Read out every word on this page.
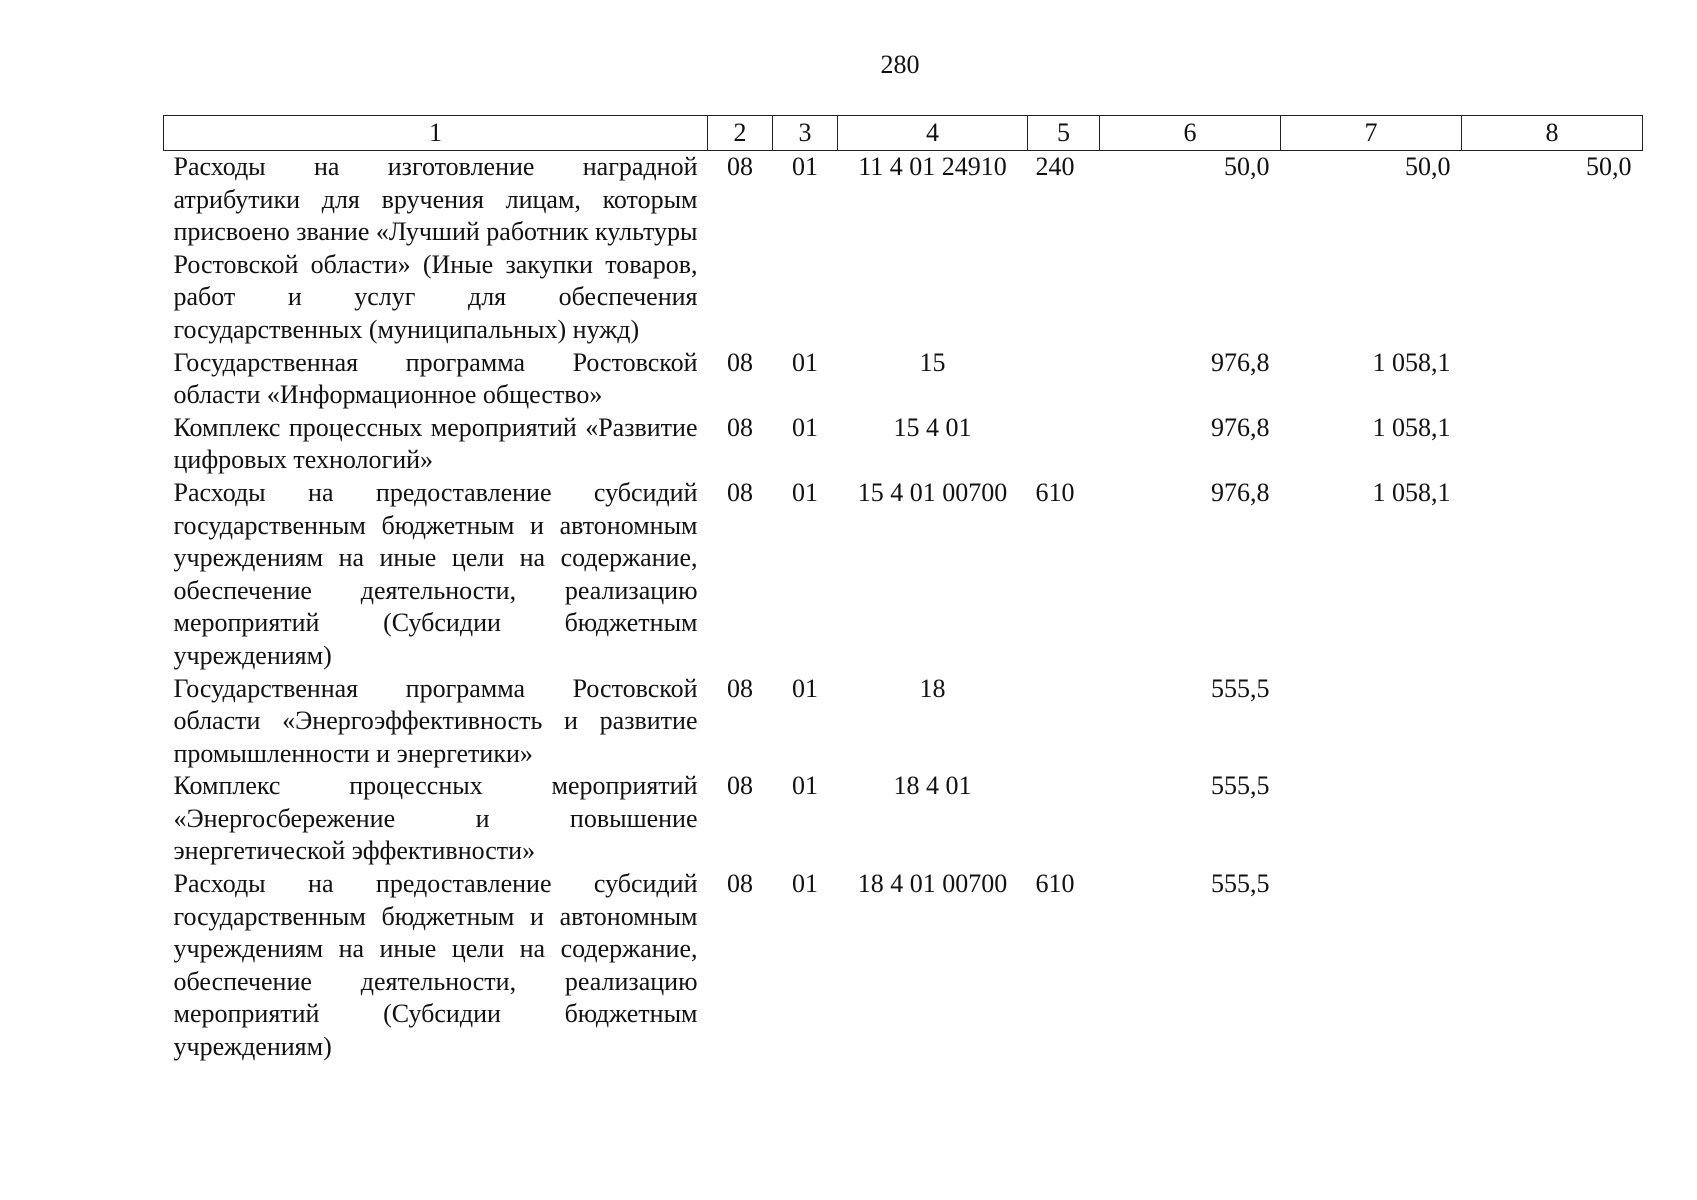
280
1	2	3	4	5	6	7	8
Расходы на изготовление наградной атрибутики для вручения лицам, которым присвоено звание «Лучший работник культуры Ростовской области» (Иные закупки товаров, работ и услуг для обеспечения государственных (муниципальных) нужд)	08	01	11 4 01 24910	240	50,0	50,0	50,0
Государственная программа Ростовской области «Информационное общество»	08	01	15		976,8	1 058,1	
Комплекс процессных мероприятий «Развитие цифровых технологий»	08	01	15 4 01		976,8	1 058,1	
Расходы на предоставление субсидий государственным бюджетным и автономным учреждениям на иные цели на содержание, обеспечение деятельности, реализацию мероприятий (Субсидии бюджетным учреждениям)	08	01	15 4 01 00700	610	976,8	1 058,1	
Государственная программа Ростовской области «Энергоэффективность и развитие промышленности и энергетики»	08	01	18		555,5		
Комплекс процессных мероприятий «Энергосбережение и повышение энергетической эффективности»	08	01	18 4 01		555,5		
Расходы на предоставление субсидий государственным бюджетным и автономным учреждениям на иные цели на содержание, обеспечение деятельности, реализацию мероприятий (Субсидии бюджетным учреждениям)	08	01	18 4 01 00700	610	555,5		
